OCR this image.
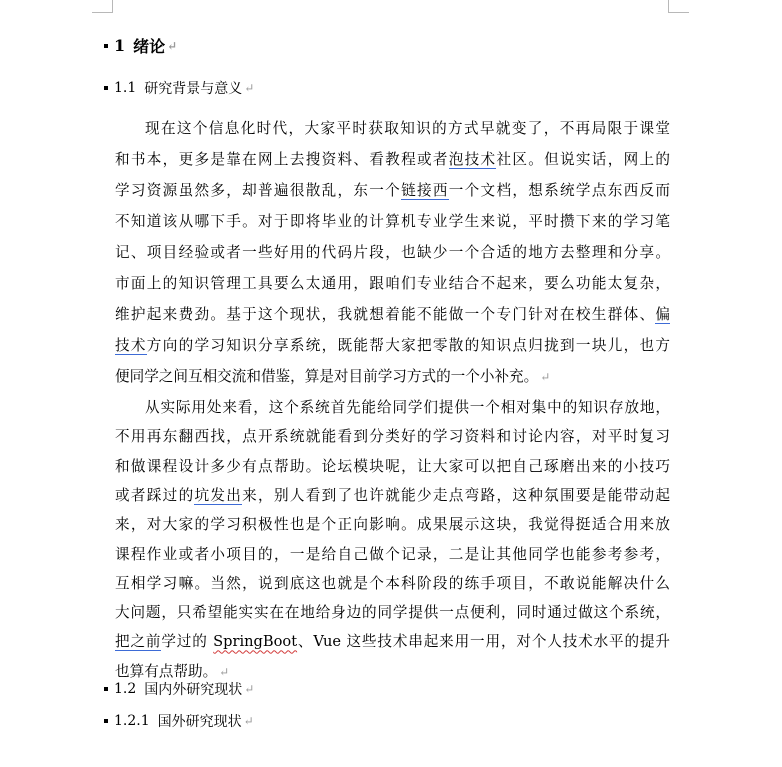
1 绪论 ↵
1.1 研究背景与意义 ↵
现在这个信息化时代，大家平时获取知识的方式早就变了，不再局限于课堂
和书本，更多是靠在网上去搜资料、看教程或者泡技术社区。但说实话，网上的
学习资源虽然多，却普遍很散乱，东一个链接西一个文档，想系统学点东西反而
不知道该从哪下手。对于即将毕业的计算机专业学生来说，平时攒下来的学习笔
记、项目经验或者一些好用的代码片段，也缺少一个合适的地方去整理和分享。
市面上的知识管理工具要么太通用，跟咱们专业结合不起来，要么功能太复杂，
维护起来费劲。基于这个现状，我就想着能不能做一个专门针对在校生群体、偏
技术方向的学习知识分享系统，既能帮大家把零散的知识点归拢到一块儿，也方
便同学之间互相交流和借鉴，算是对目前学习方式的一个小补充。 ↵
从实际用处来看，这个系统首先能给同学们提供一个相对集中的知识存放地，
不用再东翻西找，点开系统就能看到分类好的学习资料和讨论内容，对平时复习
和做课程设计多少有点帮助。论坛模块呢，让大家可以把自己琢磨出来的小技巧
或者踩过的坑发出来，别人看到了也许就能少走点弯路，这种氛围要是能带动起
来，对大家的学习积极性也是个正向影响。成果展示这块，我觉得挺适合用来放
课程作业或者小项目的，一是给自己做个记录，二是让其他同学也能参考参考，
互相学习嘛。当然，说到底这也就是个本科阶段的练手项目，不敢说能解决什么
大问题，只希望能实实在在地给身边的同学提供一点便利，同时通过做这个系统，
把之前学过的 SpringBoot、Vue 这些技术串起来用一用，对个人技术水平的提升
也算有点帮助。 ↵
1.2 国内外研究现状 ↵
1.2.1 国外研究现状 ↵
